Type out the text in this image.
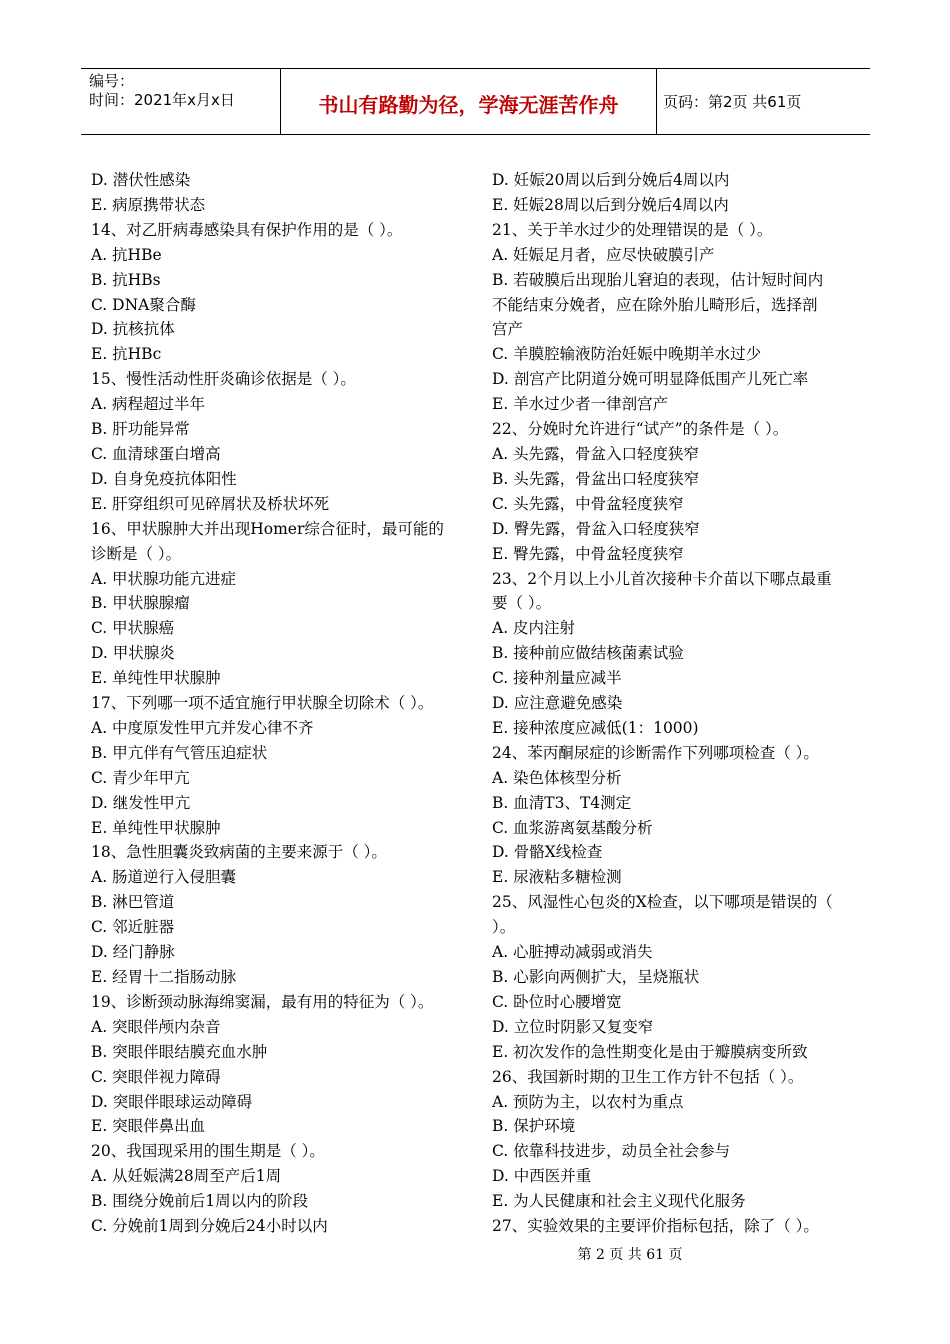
编号：
时间：2021年x月x日	书山有路勤为径，学海无涯苦作舟	页码：第2页 共61页
D. 潜伏性感染
E. 病原携带状态
14、对乙肝病毒感染具有保护作用的是（ ）。
A. 抗HBe
B. 抗HBs
C. DNA聚合酶
D. 抗核抗体
E. 抗HBc
15、慢性活动性肝炎确诊依据是（ ）。
A. 病程超过半年
B. 肝功能异常
C. 血清球蛋白增高
D. 自身免疫抗体阳性
E. 肝穿组织可见碎屑状及桥状坏死
16、甲状腺肿大并出现Homer综合征时，最可能的
诊断是（ ）。
A. 甲状腺功能亢进症
B. 甲状腺腺瘤
C. 甲状腺癌
D. 甲状腺炎
E. 单纯性甲状腺肿
17、下列哪一项不适宜施行甲状腺全切除术（ ）。
A. 中度原发性甲亢并发心律不齐
B. 甲亢伴有气管压迫症状
C. 青少年甲亢
D. 继发性甲亢
E. 单纯性甲状腺肿
18、急性胆囊炎致病菌的主要来源于（ ）。
A. 肠道逆行入侵胆囊
B. 淋巴管道
C. 邻近脏器
D. 经门静脉
E. 经胃十二指肠动脉
19、诊断颈动脉海绵窦漏，最有用的特征为（ ）。
A. 突眼伴颅内杂音
B. 突眼伴眼结膜充血水肿
C. 突眼伴视力障碍
D. 突眼伴眼球运动障碍
E. 突眼伴鼻出血
20、我国现采用的围生期是（ ）。
A. 从妊娠满28周至产后1周
B. 围绕分娩前后1周以内的阶段
C. 分娩前1周到分娩后24小时以内
D. 妊娠20周以后到分娩后4周以内
E. 妊娠28周以后到分娩后4周以内
21、关于羊水过少的处理错误的是（ ）。
A. 妊娠足月者，应尽快破膜引产
B. 若破膜后出现胎儿窘迫的表现，估计短时间内
不能结束分娩者，应在除外胎儿畸形后，选择剖
宫产
C. 羊膜腔输液防治妊娠中晚期羊水过少
D. 剖宫产比阴道分娩可明显降低围产儿死亡率
E. 羊水过少者一律剖宫产
22、分娩时允许进行“试产”的条件是（ ）。
A. 头先露，骨盆入口轻度狭窄
B. 头先露，骨盆出口轻度狭窄
C. 头先露，中骨盆轻度狭窄
D. 臀先露，骨盆入口轻度狭窄
E. 臀先露，中骨盆轻度狭窄
23、2个月以上小儿首次接种卡介苗以下哪点最重
要（ ）。
A. 皮内注射
B. 接种前应做结核菌素试验
C. 接种剂量应减半
D. 应注意避免感染
E. 接种浓度应减低(1：1000)
24、苯丙酮尿症的诊断需作下列哪项检查（ ）。
A. 染色体核型分析
B. 血清T3、T4测定
C. 血浆游离氨基酸分析
D. 骨骼X线检查
E. 尿液粘多糖检测
25、风湿性心包炎的X检查，以下哪项是错误的（
）。
A. 心脏搏动减弱或消失
B. 心影向两侧扩大，呈烧瓶状
C. 卧位时心腰增宽
D. 立位时阴影又复变窄
E. 初次发作的急性期变化是由于瓣膜病变所致
26、我国新时期的卫生工作方针不包括（ ）。
A. 预防为主，以农村为重点
B. 保护环境
C. 依靠科技进步，动员全社会参与
D. 中西医并重
E. 为人民健康和社会主义现代化服务
27、实验效果的主要评价指标包括，除了（ ）。
第 2 页 共 61 页
